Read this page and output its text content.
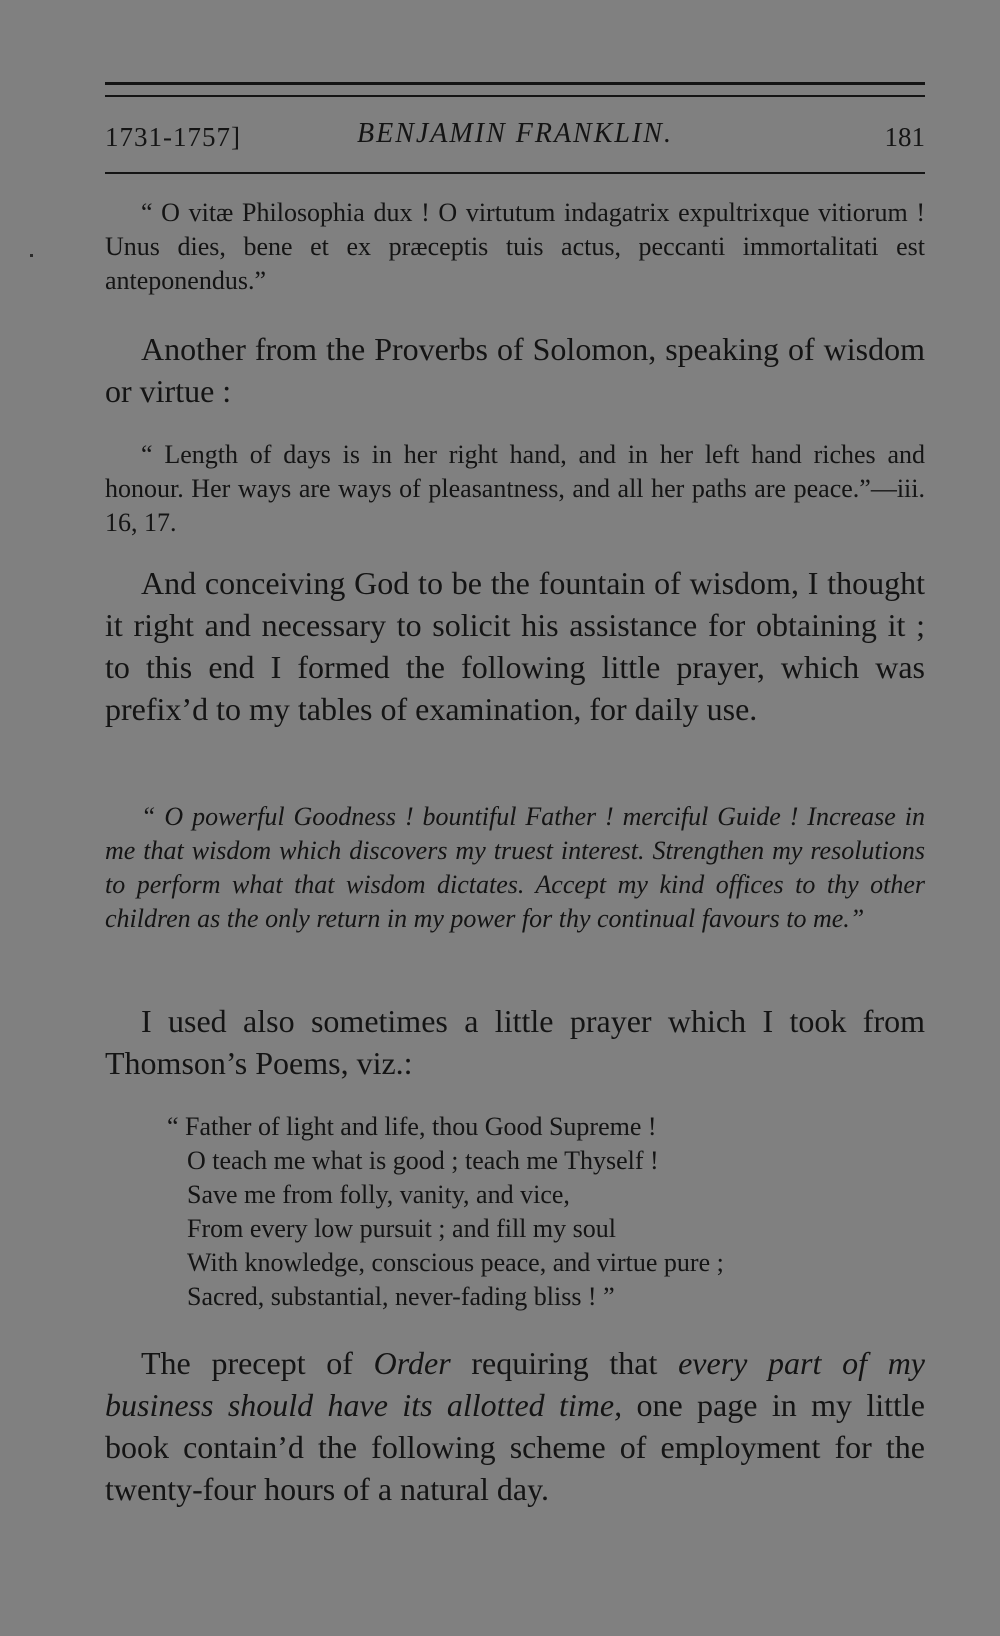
1731-1757]	BENJAMIN FRANKLIN.	181
“ O vitæ Philosophia dux ! O virtutum indagatrix expultrixque vitiorum ! Unus dies, bene et ex præceptis tuis actus, peccanti immortalitati est anteponendus.”
Another from the Proverbs of Solomon, speaking of wisdom or virtue :
“ Length of days is in her right hand, and in her left hand riches and honour. Her ways are ways of pleasantness, and all her paths are peace.”—iii. 16, 17.
And conceiving God to be the fountain of wisdom, I thought it right and necessary to solicit his assistance for obtaining it ; to this end I formed the following little prayer, which was prefix’d to my tables of examination, for daily use.
“ O powerful Goodness ! bountiful Father ! merciful Guide ! Increase in me that wisdom which discovers my truest interest. Strengthen my resolutions to perform what that wisdom dictates. Accept my kind offices to thy other children as the only return in my power for thy continual favours to me.”
I used also sometimes a little prayer which I took from Thomson’s Poems, viz.:
“ Father of light and life, thou Good Supreme !
O teach me what is good ; teach me Thyself !
Save me from folly, vanity, and vice,
From every low pursuit ; and fill my soul
With knowledge, conscious peace, and virtue pure ;
Sacred, substantial, never-fading bliss ! ”
The precept of Order requiring that every part of my business should have its allotted time, one page in my little book contain’d the following scheme of employment for the twenty-four hours of a natural day.
